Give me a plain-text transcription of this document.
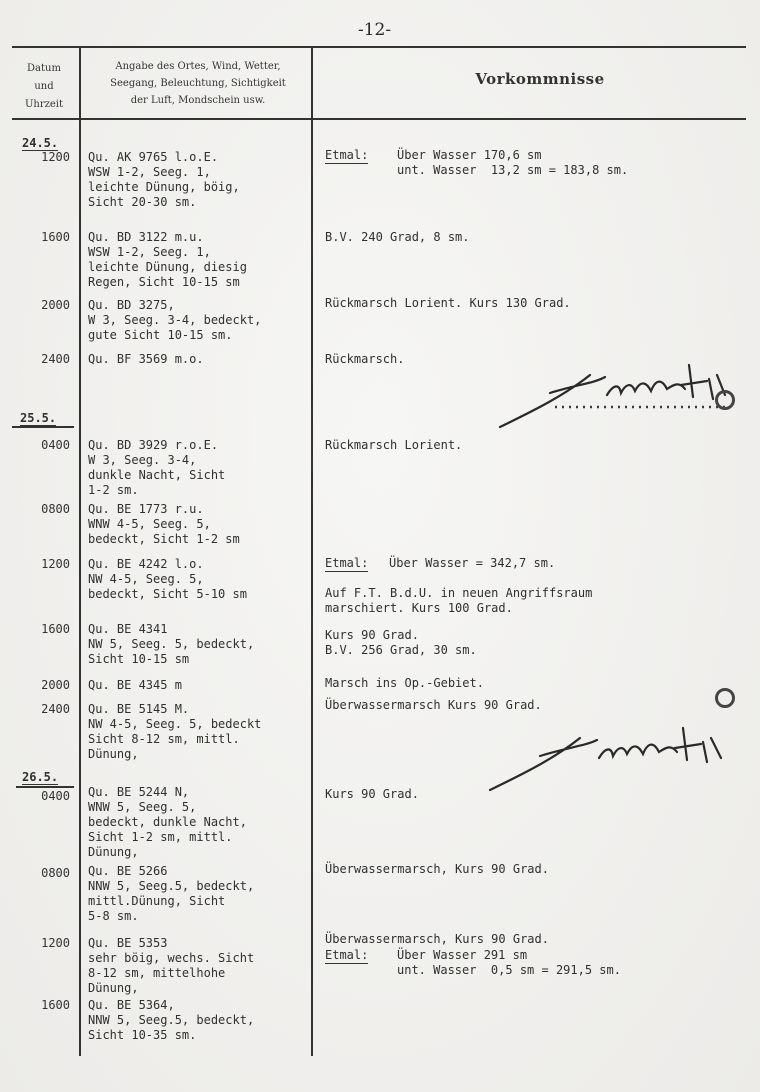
-12-
Datum
und
Uhrzeit
Angabe des Ortes, Wind, Wetter,
Seegang, Beleuchtung, Sichtigkeit
der Luft, Mondschein usw.
Vorkommnisse
24.5.
25.5.
26.5.
1200 Qu. AK 9765 l.o.E.
WSW 1-2, Seeg. 1,
leichte Dünung, böig,
Sicht 20-30 sm.
Etmal: Über Wasser 170,6 sm
unt. Wasser  13,2 sm = 183,8 sm.
1600 Qu. BD 3122 m.u.
WSW 1-2, Seeg. 1,
leichte Dünung, diesig
Regen, Sicht 10-15 sm
B.V. 240 Grad, 8 sm.
2000 Qu. BD 3275,
W 3, Seeg. 3-4, bedeckt,
gute Sicht 10-15 sm.
Rückmarsch Lorient. Kurs 130 Grad.
2400 Qu. BF 3569 m.o.	Rückmarsch.
0400 Qu. BD 3929 r.o.E.
W 3, Seeg. 3-4,
dunkle Nacht, Sicht
1-2 sm.
Rückmarsch Lorient.
0800 Qu. BE 1773 r.u.
WNW 4-5, Seeg. 5,
bedeckt, Sicht 1-2 sm
1200 Qu. BE 4242 l.o.
NW 4-5, Seeg. 5,
bedeckt, Sicht 5-10 sm
Etmal: Über Wasser = 342,7 sm.
Auf F.T. B.d.U. in neuen Angriffsraum
marschiert. Kurs 100 Grad.
1600 Qu. BE 4341
NW 5, Seeg. 5, bedeckt,
Sicht 10-15 sm
Kurs 90 Grad.
B.V. 256 Grad, 30 sm.
2000 Qu. BE 4345 m	Marsch ins Op.-Gebiet.
2400 Qu. BE 5145 M.
NW 4-5, Seeg. 5, bedeckt
Sicht 8-12 sm, mittl.
Dünung,
Überwassermarsch Kurs 90 Grad.
0400 Qu. BE 5244 N,
WNW 5, Seeg. 5,
bedeckt, dunkle Nacht,
Sicht 1-2 sm, mittl.
Dünung,
Kurs 90 Grad.
0800 Qu. BE 5266
NNW 5, Seeg.5, bedeckt,
mittl.Dünung, Sicht
5-8 sm.
Überwassermarsch, Kurs 90 Grad.
1200 Qu. BE 5353
sehr böig, wechs. Sicht
8-12 sm, mittelhohe
Dünung,
Überwassermarsch, Kurs 90 Grad.
Etmal: Über Wasser 291 sm
unt. Wasser  0,5 sm = 291,5 sm.
1600 Qu. BE 5364,
NNW 5, Seeg.5, bedeckt,
Sicht 10-35 sm.
